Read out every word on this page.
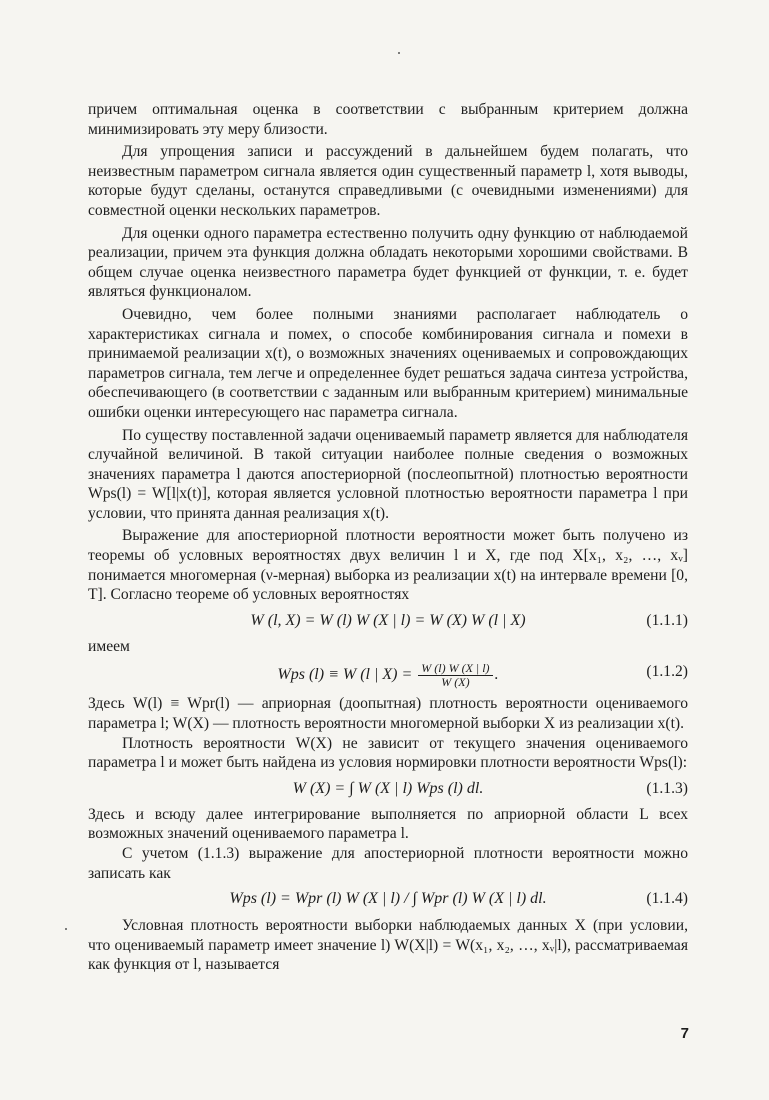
причем оптимальная оценка в соответствии с выбранным критерием должна минимизировать эту меру близости.

Для упрощения записи и рассуждений в дальнейшем будем полагать, что неизвестным параметром сигнала является один существенный параметр l, хотя выводы, которые будут сделаны, останутся справедливыми (с очевидными изменениями) для совместной оценки нескольких параметров.

Для оценки одного параметра естественно получить одну функцию от наблюдаемой реализации, причем эта функция должна обладать некоторыми хорошими свойствами. В общем случае оценка неизвестного параметра будет функцией от функции, т. е. будет являться функционалом.

Очевидно, чем более полными знаниями располагает наблюдатель о характеристиках сигнала и помех, о способе комбинирования сигнала и помехи в принимаемой реализации x(t), о возможных значениях оцениваемых и сопровождающих параметров сигнала, тем легче и определеннее будет решаться задача синтеза устройства, обеспечивающего (в соответствии с заданным или выбранным критерием) минимальные ошибки оценки интересующего нас параметра сигнала.

По существу поставленной задачи оцениваемый параметр является для наблюдателя случайной величиной. В такой ситуации наиболее полные сведения о возможных значениях параметра l даются апостериорной (послеопытной) плотностью вероятности Wps(l) = W[l|x(t)], которая является условной плотностью вероятности параметра l при условии, что принята данная реализация x(t).

Выражение для апостериорной плотности вероятности может быть получено из теоремы об условных вероятностях двух величин l и X, где под X[x₁, x₂, …, xᵥ] понимается многомерная (ν-мерная) выборка из реализации x(t) на интервале времени [0, T]. Согласно теореме об условных вероятностях

W (l, X) = W (l) W (X | l) = W (X) W (l | X)	(1.1.1)

имеем

Wps (l) ≡ W (l | $X) = \frac{W (l) W (X | l)}{W (X)}$ .	(1.1.2)

Здесь W(l) ≡ Wpr(l) — априорная (доопытная) плотность вероятности оцениваемого параметра l; W(X) — плотность вероятности многомерной выборки X из реализации x(t).

Плотность вероятности W(X) не зависит от текущего значения оцениваемого параметра l и может быть найдена из условия нормировки плотности вероятности Wps(l):

W (X) = ∫ W (X | l) Wps (l) dl.	(1.1.3)

Здесь и всюду далее интегрирование выполняется по априорной области L всех возможных значений оцениваемого параметра l.

С учетом (1.1.3) выражение для апостериорной плотности вероятности можно записать как

Wps (l) = Wpr (l) W (X | l) / ∫ Wpr (l) W (X | l) dl.	(1.1.4)

Условная плотность вероятности выборки наблюдаемых данных X (при условии, что оцениваемый параметр имеет значение l) W(X|l) = W(x₁, x₂, …, xᵥ|l), рассматриваемая как функция от l, называется

7
